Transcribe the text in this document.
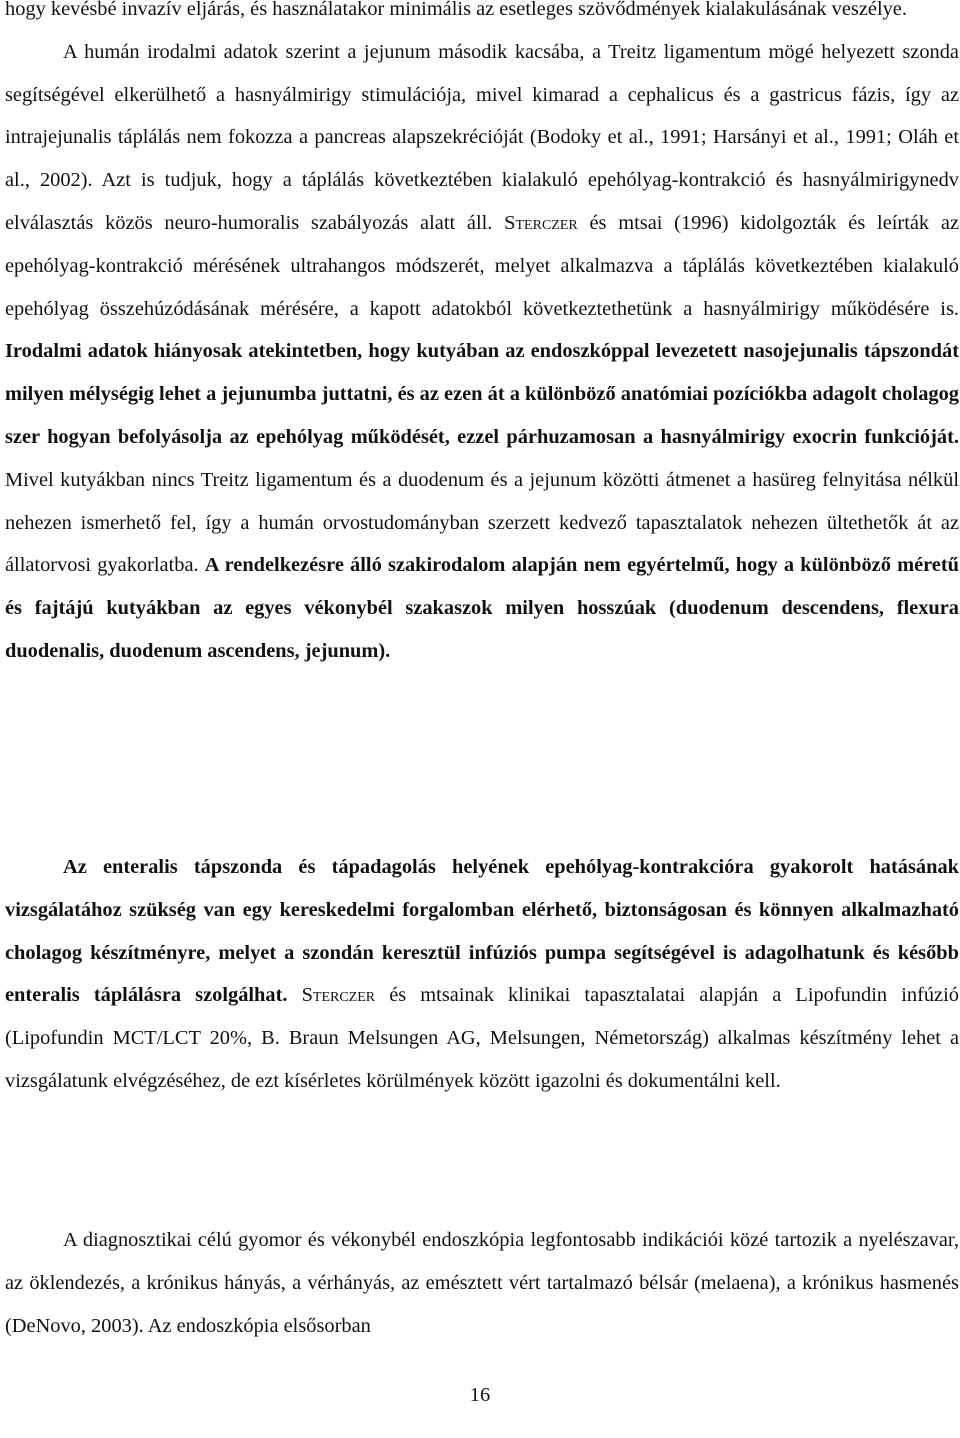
hogy kevésbé invazív eljárás, és használatakor minimális az esetleges szövődmények kialakulásának veszélye.

A humán irodalmi adatok szerint a jejunum második kacsába, a Treitz ligamentum mögé helyezett szonda segítségével elkerülhető a hasnyálmirigy stimulációja, mivel kimarad a cephalicus és a gastricus fázis, így az intrajejunalis táplálás nem fokozza a pancreas alapszekrécióját (Bodoky et al., 1991; Harsányi et al., 1991; Oláh et al., 2002). Azt is tudjuk, hogy a táplálás következtében kialakuló epehólyag-kontrakció és hasnyálmirigynedv elválasztás közös neuro-humoralis szabályozás alatt áll. Sterczer és mtsai (1996) kidolgozták és leírták az epehólyag-kontrakció mérésének ultrahangos módszerét, melyet alkalmazva a táplálás következtében kialakuló epehólyag összehúzódásának mérésére, a kapott adatokból következtethetünk a hasnyálmirigy működésére is. Irodalmi adatok hiányosak atekintetben, hogy kutyában az endoszkóppal levezetett nasojejunalis tápszondát milyen mélységig lehet a jejunumba juttatni, és az ezen át a különböző anatómiai pozíciókba adagolt cholagog szer hogyan befolyásolja az epehólyag működését, ezzel párhuzamosan a hasnyálmirigy exocrin funkcióját. Mivel kutyákban nincs Treitz ligamentum és a duodenum és a jejunum közötti átmenet a hasüreg felnyitása nélkül nehezen ismerhető fel, így a humán orvostudományban szerzett kedvező tapasztalatok nehezen ültethetők át az állatorvosi gyakorlatba. A rendelkezésre álló szakirodalom alapján nem egyértelmű, hogy a különböző méretű és fajtájú kutyákban az egyes vékonybél szakaszok milyen hosszúak (duodenum descendens, flexura duodenalis, duodenum ascendens, jejunum).

Az enteralis tápszonda és tápadagolás helyének epehólyag-kontrakcióra gyakorolt hatásának vizsgálatához szükség van egy kereskedelmi forgalomban elérhető, biztonságosan és könnyen alkalmazható cholagog készítményre, melyet a szondán keresztül infúziós pumpa segítségével is adagolhatunk és később enteralis táplálásra szolgálhat. Sterczer és mtsainak klinikai tapasztalatai alapján a Lipofundin infúzió (Lipofundin MCT/LCT 20%, B. Braun Melsungen AG, Melsungen, Németország) alkalmas készítmény lehet a vizsgálatunk elvégzéséhez, de ezt kísérletes körülmények között igazolni és dokumentálni kell.

A diagnosztikai célú gyomor és vékonybél endoszkópia legfontosabb indikációi közé tartozik a nyelészavar, az öklendezés, a krónikus hányás, a vérhányás, az emésztett vért tartalmazó bélsár (melaena), a krónikus hasmenés (DeNovo, 2003). Az endoszkópia elsősorban

16
